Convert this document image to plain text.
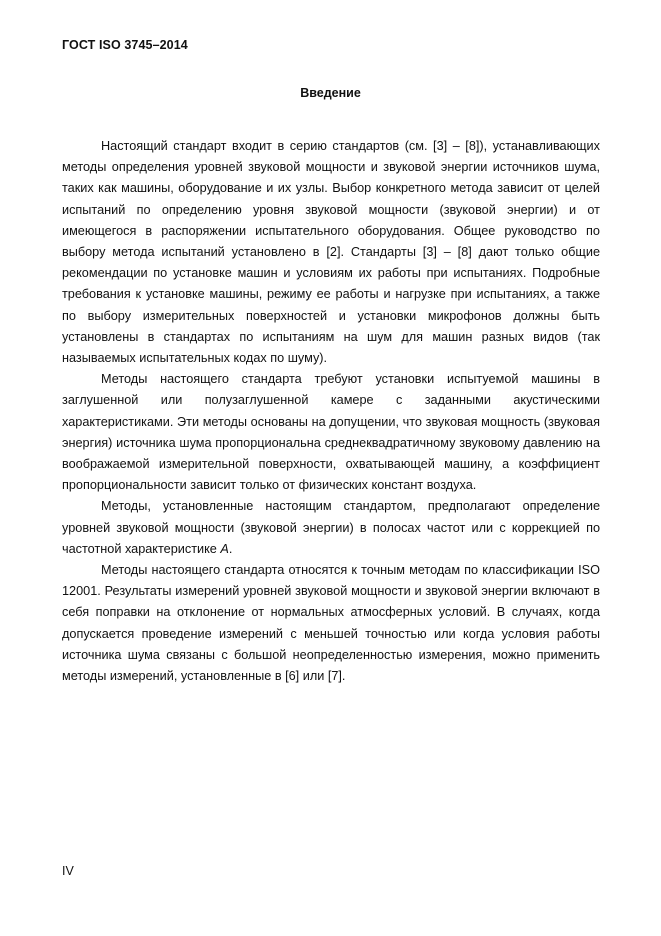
ГОСТ ISO 3745–2014
Введение

Настоящий стандарт входит в серию стандартов (см. [3] – [8]), устанавливающих методы определения уровней звуковой мощности и звуковой энергии источников шума, таких как машины, оборудование и их узлы. Выбор конкретного метода зависит от целей испытаний по определению уровня звуковой мощности (звуковой энергии) и от имеющегося в распоряжении испытательного оборудования. Общее руководство по выбору метода испытаний установлено в [2]. Стандарты [3] – [8] дают только общие рекомендации по установке машин и условиям их работы при испытаниях. Подробные требования к установке машины, режиму ее работы и нагрузке при испытаниях, а также по выбору измерительных поверхностей и установки микрофонов должны быть установлены в стандартах по испытаниям на шум для машин разных видов (так называемых испытательных кодах по шуму).

Методы настоящего стандарта требуют установки испытуемой машины в заглушенной или полузаглушенной камере с заданными акустическими характеристиками. Эти методы основаны на допущении, что звуковая мощность (звуковая энергия) источника шума пропорциональна среднеквадратичному звуковому давлению на воображаемой измерительной поверхности, охватывающей машину, а коэффициент пропорциональности зависит только от физических констант воздуха.

Методы, установленные настоящим стандартом, предполагают определение уровней звуковой мощности (звуковой энергии) в полосах частот или с коррекцией по частотной характеристике A.

Методы настоящего стандарта относятся к точным методам по классификации ISO 12001. Результаты измерений уровней звуковой мощности и звуковой энергии включают в себя поправки на отклонение от нормальных атмосферных условий. В случаях, когда допускается проведение измерений с меньшей точностью или когда условия работы источника шума связаны с большой неопределенностью измерения, можно применить методы измерений, установленные в [6] или [7].

IV
